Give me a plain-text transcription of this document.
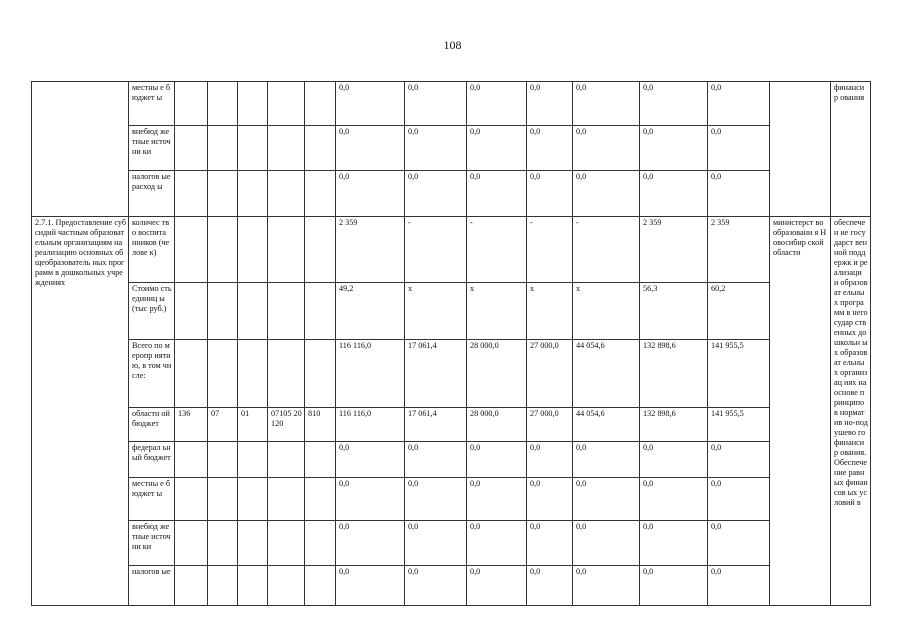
108
	местны е бюджет ы						0,0	0,0	0,0	0,0	0,0	0,0	0,0		финансир ования
	внебюд жетные источни ки						0,0	0,0	0,0	0,0	0,0	0,0	0,0		
	налогов ые расход ы						0,0	0,0	0,0	0,0	0,0	0,0	0,0		
2.7.1. Предоставление субсидий частным образовательным организациям на реализацию основных общеобразователь ных программ в дошкольных учреждениях	количес тво воспита нников (челове к)						2 359	-	-	-	-	2 359	2 359	министерст во образовани я Новосибир ской области	обеспечен ие государст венной поддержк и реализаци и образоват ельных программ в негосудар ственных дошкольн ых образоват ельных организац иях на основе принципо в норматив но-подушево го финансир ования. Обеспече ние равных финансов ых условий в
	Стоимо сть единиц ы (тыс руб.)						49,2	x	x	x	x	56,3	60,2		
	Всего по меропр иятию, в том числе:						116 116,0	17 061,4	28 000,0	27 000,0	44 054,6	132 898,6	141 955,5		
	областн ой бюджет	136	07	01	07105 20120	810	116 116,0	17 061,4	28 000,0	27 000,0	44 054,6	132 898,6	141 955,5		
	федерал ьный бюджет						0,0	0,0	0,0	0,0	0,0	0,0	0,0		
	местны е бюджет ы						0,0	0,0	0,0	0,0	0,0	0,0	0,0		
	внебюд жетные источни ки						0,0	0,0	0,0	0,0	0,0	0,0	0,0		
	налогов ые						0,0	0,0	0,0	0,0	0,0	0,0	0,0		
